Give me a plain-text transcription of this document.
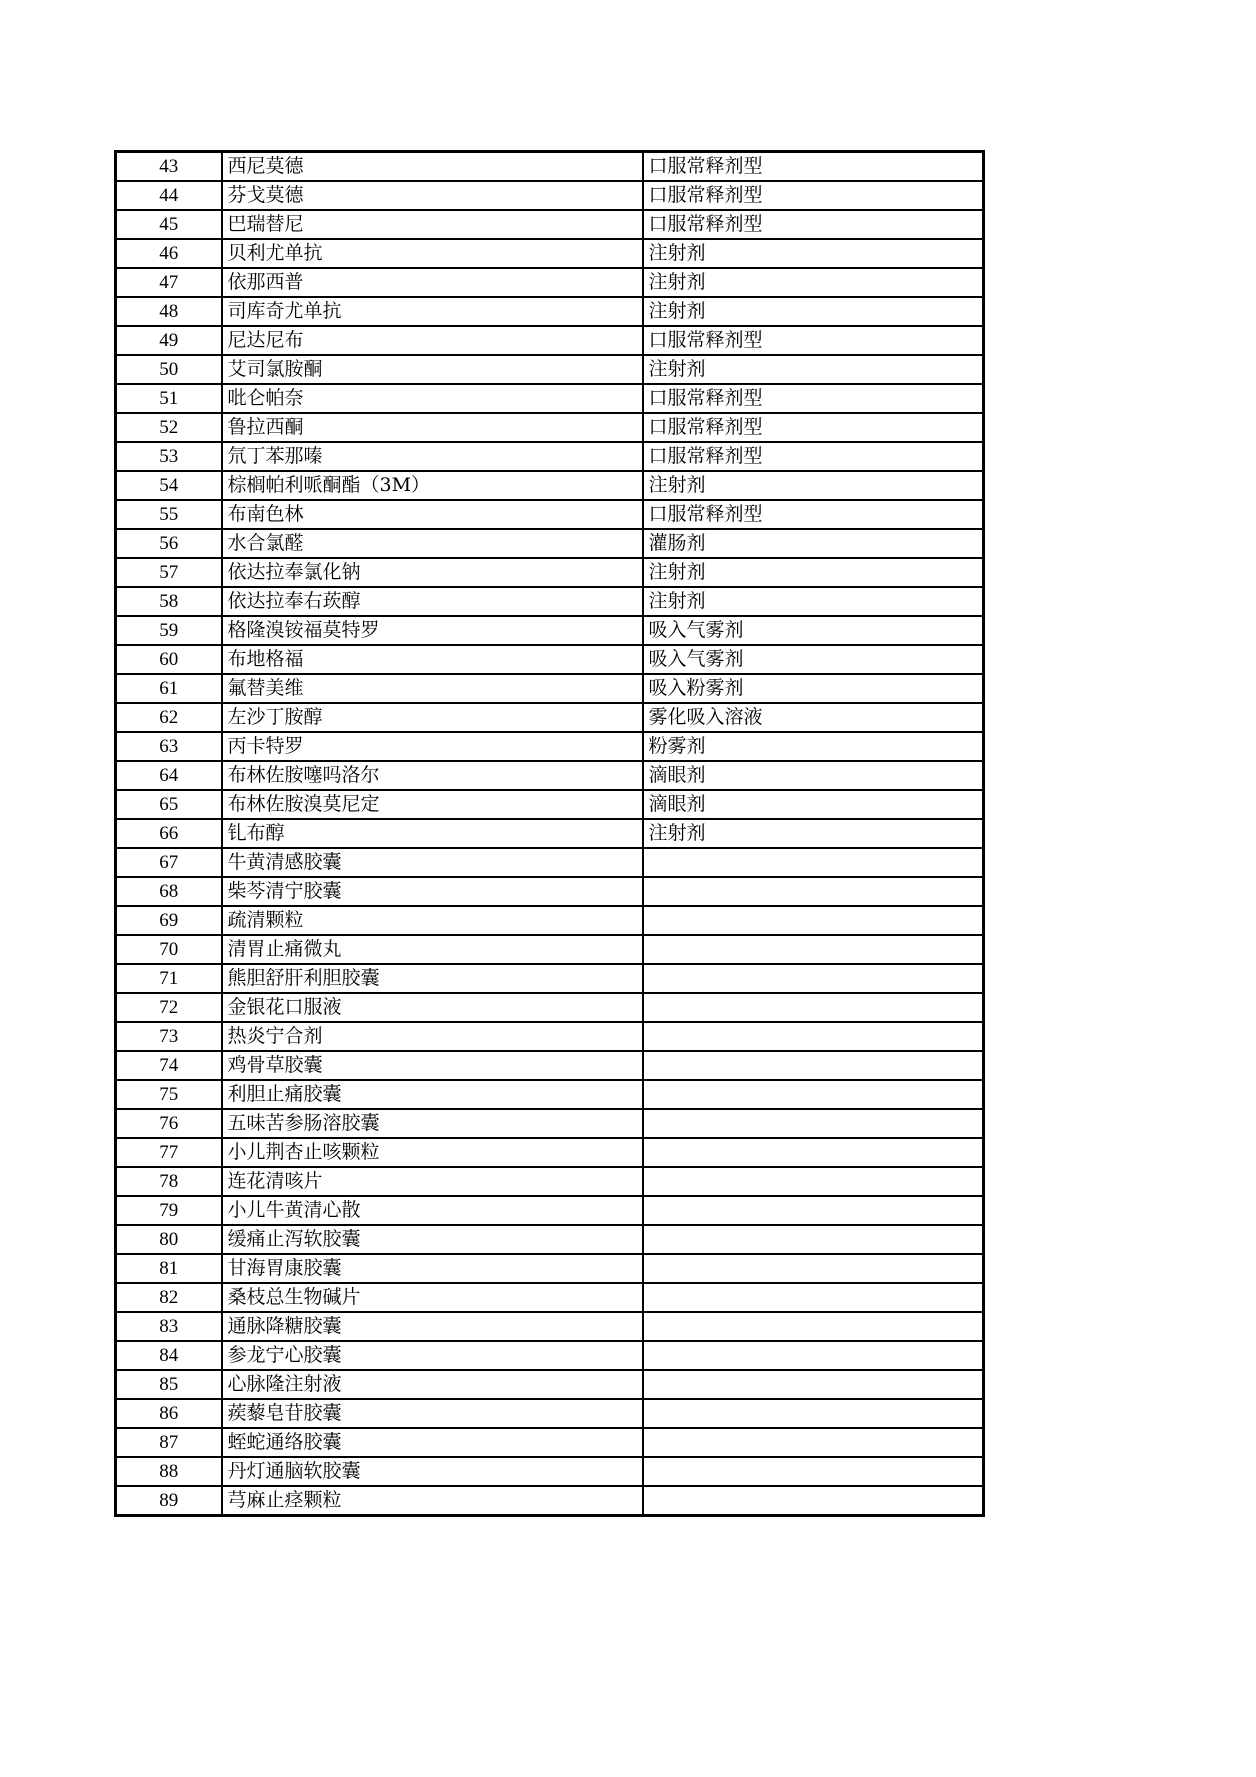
43	西尼莫德	口服常释剂型
44	芬戈莫德	口服常释剂型
45	巴瑞替尼	口服常释剂型
46	贝利尤单抗	注射剂
47	依那西普	注射剂
48	司库奇尤单抗	注射剂
49	尼达尼布	口服常释剂型
50	艾司氯胺酮	注射剂
51	吡仑帕奈	口服常释剂型
52	鲁拉西酮	口服常释剂型
53	氘丁苯那嗪	口服常释剂型
54	棕榈帕利哌酮酯（3M）	注射剂
55	布南色林	口服常释剂型
56	水合氯醛	灌肠剂
57	依达拉奉氯化钠	注射剂
58	依达拉奉右莰醇	注射剂
59	格隆溴铵福莫特罗	吸入气雾剂
60	布地格福	吸入气雾剂
61	氟替美维	吸入粉雾剂
62	左沙丁胺醇	雾化吸入溶液
63	丙卡特罗	粉雾剂
64	布林佐胺噻吗洛尔	滴眼剂
65	布林佐胺溴莫尼定	滴眼剂
66	钆布醇	注射剂
67	牛黄清感胶囊	
68	柴芩清宁胶囊	
69	疏清颗粒	
70	清胃止痛微丸	
71	熊胆舒肝利胆胶囊	
72	金银花口服液	
73	热炎宁合剂	
74	鸡骨草胶囊	
75	利胆止痛胶囊	
76	五味苦参肠溶胶囊	
77	小儿荆杏止咳颗粒	
78	连花清咳片	
79	小儿牛黄清心散	
80	缓痛止泻软胶囊	
81	甘海胃康胶囊	
82	桑枝总生物碱片	
83	通脉降糖胶囊	
84	参龙宁心胶囊	
85	心脉隆注射液	
86	蒺藜皂苷胶囊	
87	蛭蛇通络胶囊	
88	丹灯通脑软胶囊	
89	芎麻止痉颗粒	
